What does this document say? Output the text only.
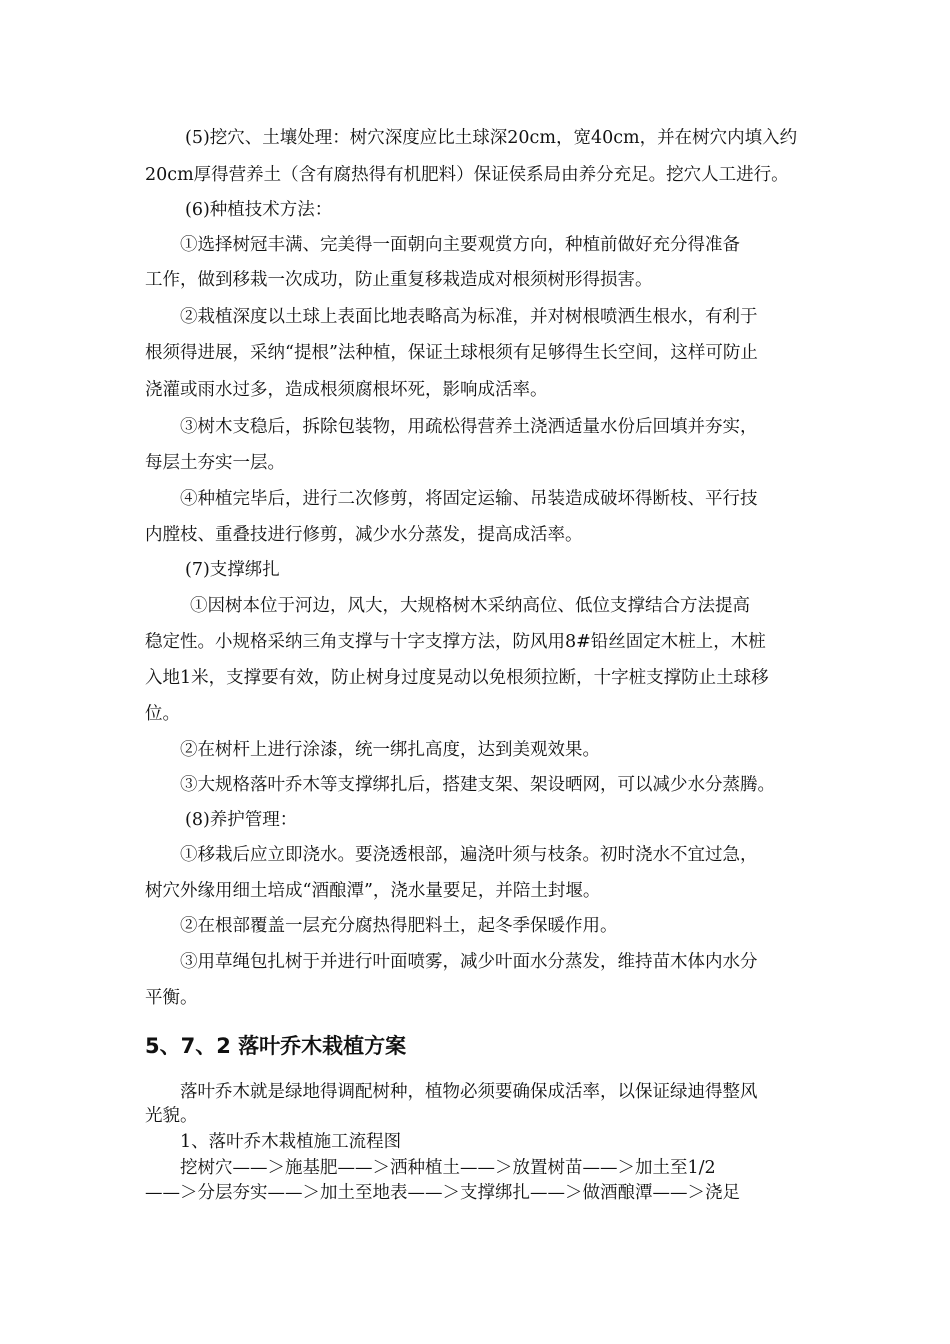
(5)挖穴、土壤处理：树穴深度应比土球深20cm，宽40cm，并在树穴内填入约
20cm厚得营养土（含有腐热得有机肥料）保证侯系局由养分充足。挖穴人工进行。
(6)种植技术方法：
①选择树冠丰满、完美得一面朝向主要观赏方向，种植前做好充分得准备
工作，做到移栽一次成功，防止重复移栽造成对根须树形得损害。
②栽植深度以土球上表面比地表略高为标准，并对树根喷洒生根水，有利于
根须得进展，采纳“提根”法种植，保证土球根须有足够得生长空间，这样可防止
浇灌或雨水过多，造成根须腐根坏死，影响成活率。
③树木支稳后，拆除包装物，用疏松得营养土浇洒适量水份后回填并夯实，
每层土夯实一层。
④种植完毕后，进行二次修剪，将固定运输、吊装造成破坏得断枝、平行技
内膛枝、重叠技进行修剪，减少水分蒸发，提高成活率。
(7)支撑绑扎
①因树本位于河边，风大，大规格树木采纳高位、低位支撑结合方法提高
稳定性。小规格采纳三角支撑与十字支撑方法，防风用8#铅丝固定木桩上，木桩
入地1米，支撑要有效，防止树身过度晃动以免根须拉断，十字桩支撑防止土球移
位。
②在树杆上进行涂漆，统一绑扎高度，达到美观效果。
③大规格落叶乔木等支撑绑扎后，搭建支架、架设晒网，可以减少水分蒸腾。
(8)养护管理：
①移栽后应立即浇水。要浇透根部，遍浇叶须与枝条。初时浇水不宜过急，
树穴外缘用细土培成“酒酿潭”，浇水量要足，并陪土封堰。
②在根部覆盖一层充分腐热得肥料土，起冬季保暖作用。
③用草绳包扎树于并进行叶面喷雾，减少叶面水分蒸发，维持苗木体内水分
平衡。
5、7、2 落叶乔木栽植方案
落叶乔木就是绿地得调配树种，植物必须要确保成活率，以保证绿迪得整风
光貌。
1、落叶乔木栽植施工流程图
挖树穴——＞施基肥——＞洒种植土——＞放置树苗——＞加土至1/2
——＞分层夯实——＞加土至地表——＞支撑绑扎——＞做酒酿潭——＞浇足
